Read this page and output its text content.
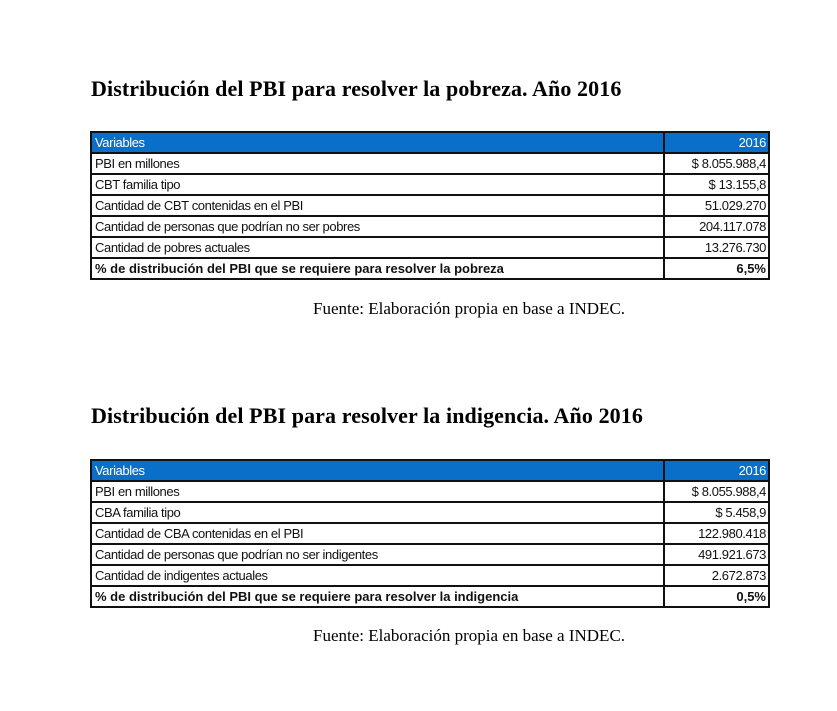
Distribución del PBI para resolver la pobreza. Año 2016
Variables	2016
PBI en millones	$ 8.055.988,4
CBT familia tipo	$ 13.155,8
Cantidad de CBT contenidas en el PBI	51.029.270
Cantidad de personas que podrían no ser pobres	204.117.078
Cantidad de pobres actuales	13.276.730
% de distribución del PBI que se requiere para resolver la pobreza	6,5%
Fuente: Elaboración propia en base a INDEC.
Distribución del PBI para resolver la indigencia. Año 2016
Variables	2016
PBI en millones	$ 8.055.988,4
CBA familia tipo	$ 5.458,9
Cantidad de CBA contenidas en el PBI	122.980.418
Cantidad de personas que podrían no ser indigentes	491.921.673
Cantidad de indigentes actuales	2.672.873
% de distribución del PBI que se requiere para resolver la indigencia	0,5%
Fuente: Elaboración propia en base a INDEC.
